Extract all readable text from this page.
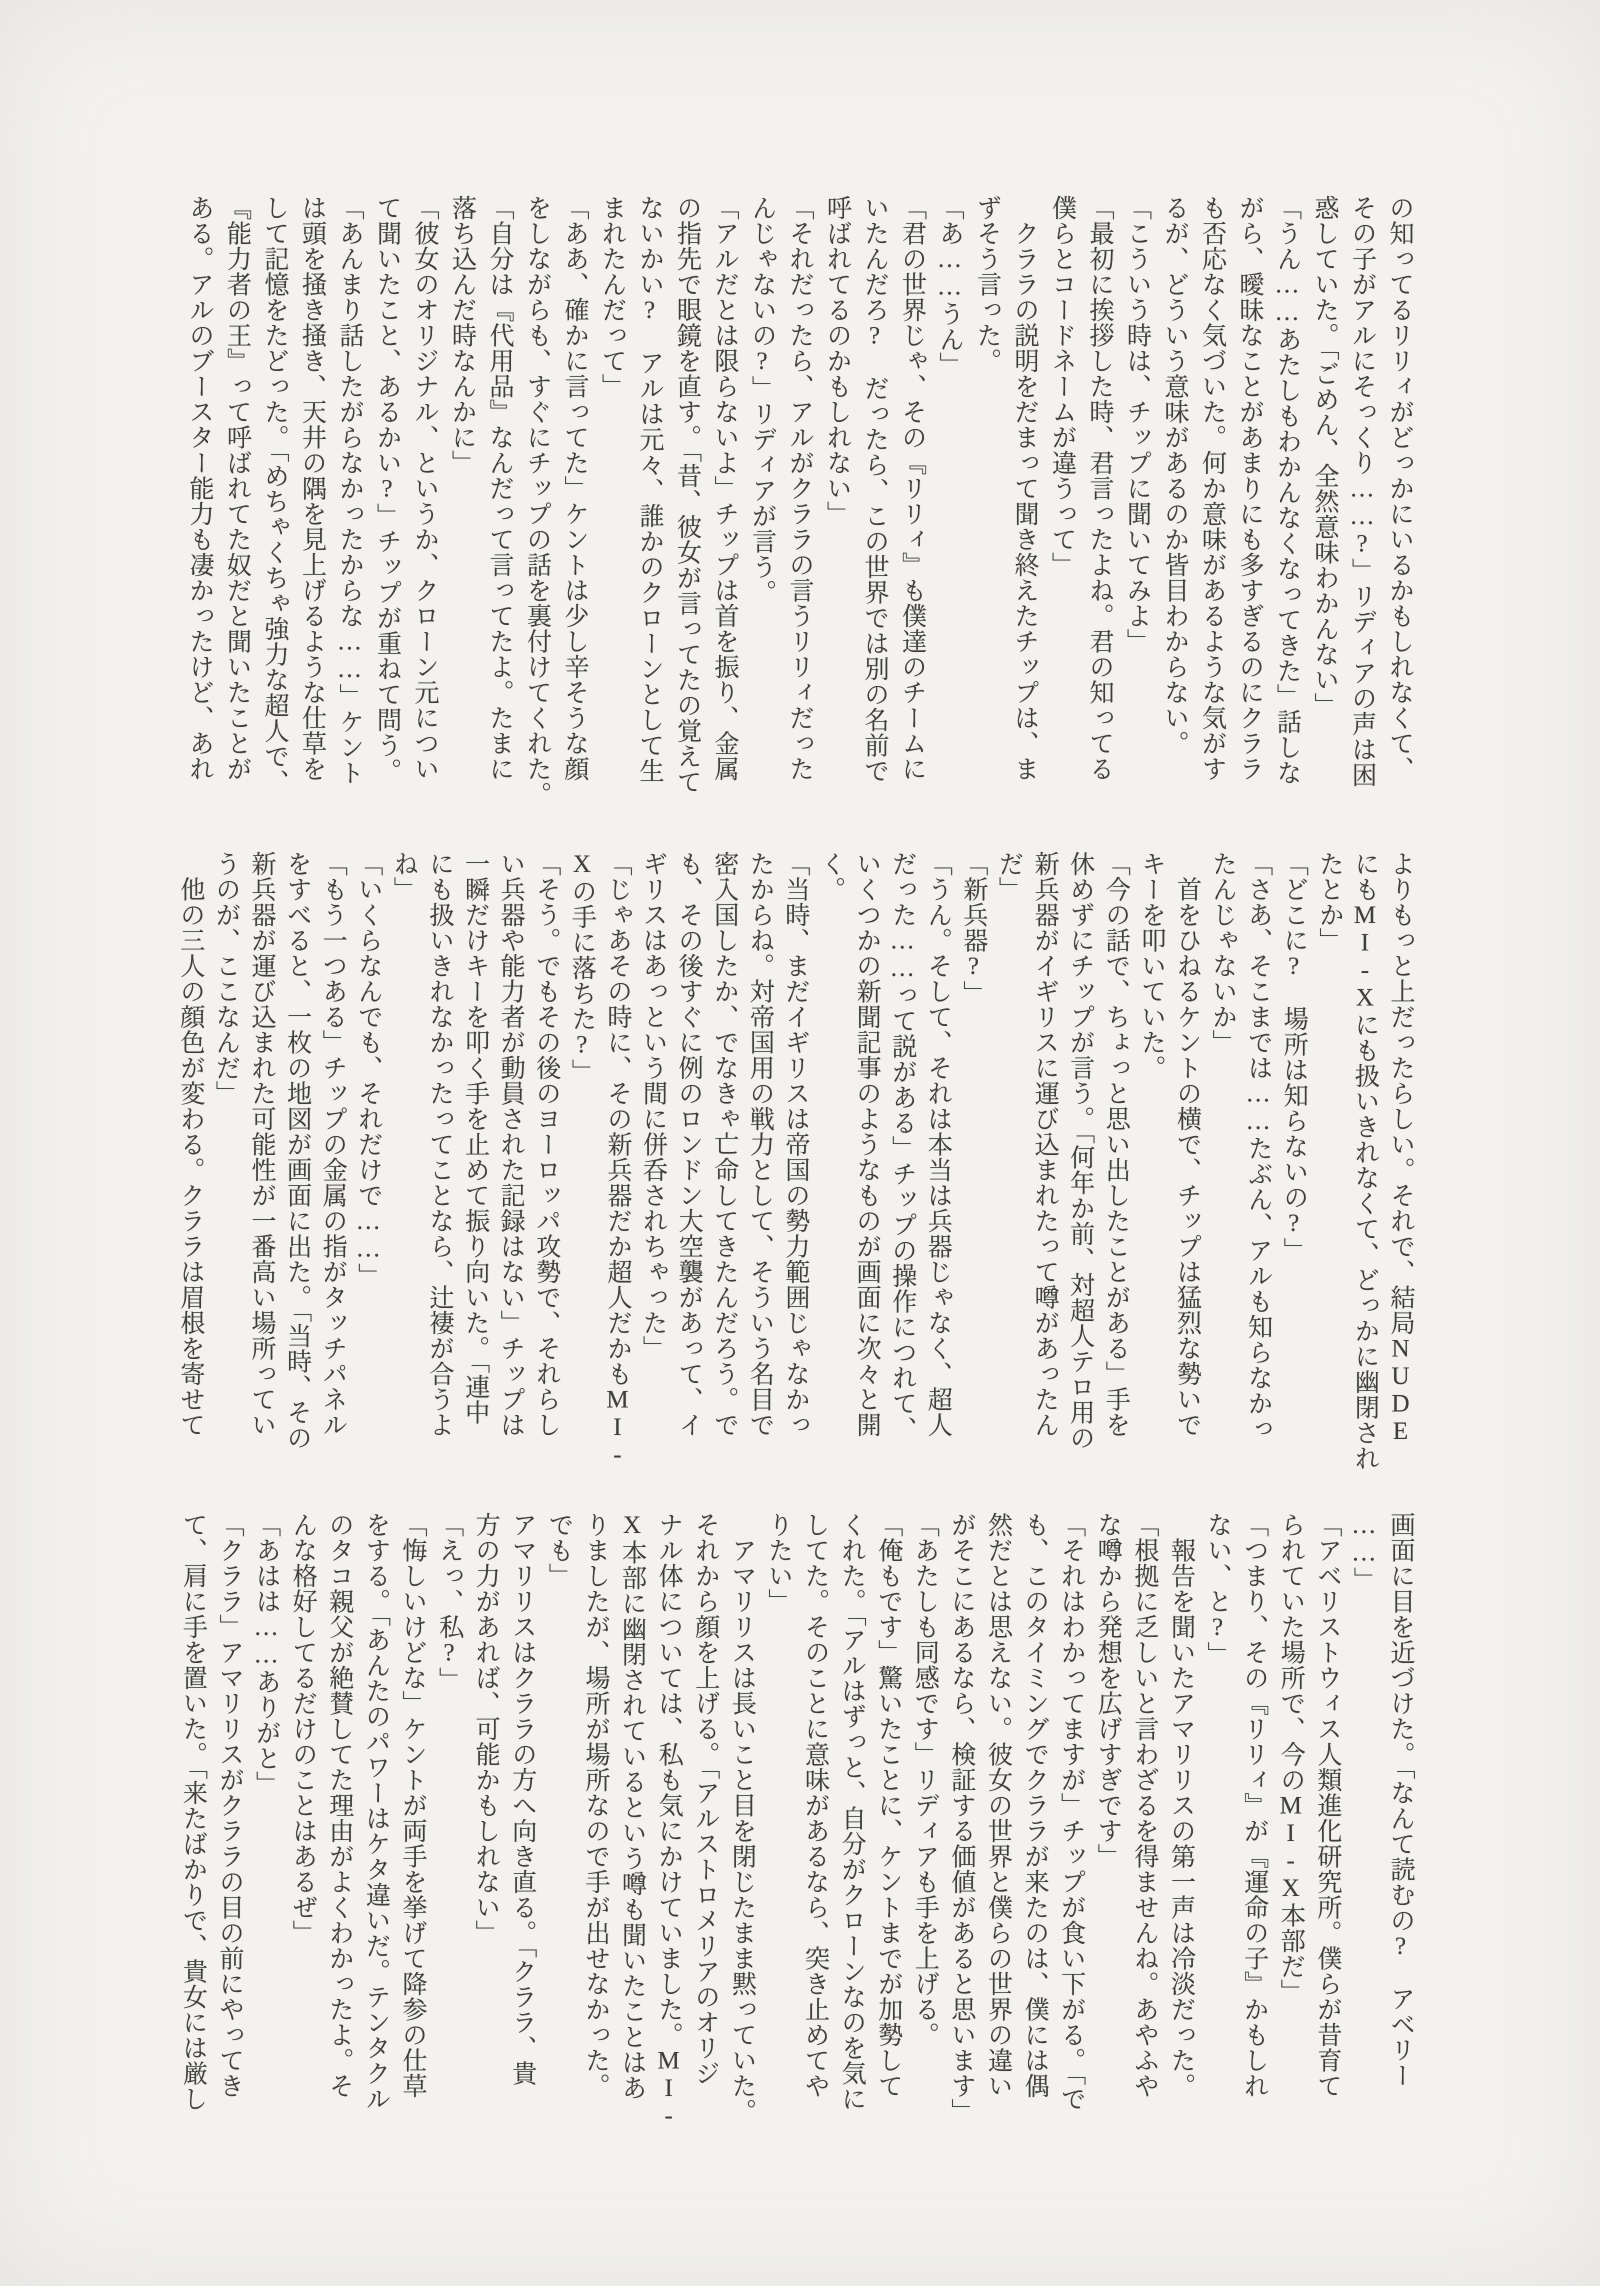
の知ってるリリィがどっかにいるかもしれなくて、

その子がアルにそっくり……?」リディアの声は困

惑していた。「ごめん、全然意味わかんない」

「うん……あたしもわかんなくなってきた」話しな

がら、曖昧なことがあまりにも多すぎるのにクララ

も否応なく気づいた。何か意味があるような気がす

るが、どういう意味があるのか皆目わからない。

「こういう時は、チップに聞いてみよ」

「最初に挨拶した時、君言ったよね。君の知ってる

僕らとコードネームが違うって」

　クララの説明をだまって聞き終えたチップは、ま

ずそう言った。

「あ……うん」

「君の世界じゃ、その『リリィ』も僕達のチームに

いたんだろ?　だったら、この世界では別の名前で

呼ばれてるのかもしれない」

「それだったら、アルがクララの言うリリィだった

んじゃないの?」リディアが言う。

「アルだとは限らないよ」チップは首を振り、金属

の指先で眼鏡を直す。「昔、彼女が言ってたの覚えて

ないかい?　アルは元々、誰かのクローンとして生

まれたんだって」

「ああ、確かに言ってた」ケントは少し辛そうな顔

をしながらも、すぐにチップの話を裏付けてくれた。

「自分は『代用品』なんだって言ってたよ。たまに

落ち込んだ時なんかに」

「彼女のオリジナル、というか、クローン元につい

て聞いたこと、あるかい?」チップが重ねて問う。

「あんまり話したがらなかったからな……」ケント

は頭を掻き掻き、天井の隅を見上げるような仕草を

して記憶をたどった。「めちゃくちゃ強力な超人で、

『能力者の王』って呼ばれてた奴だと聞いたことが

ある。アルのブースター能力も凄かったけど、あれ

よりもっと上だったらしい。それで、結局NUDE

にもMI-Xにも扱いきれなくて、どっかに幽閉され

たとか」

「どこに?　場所は知らないの?」

「さあ、そこまでは……たぶん、アルも知らなかっ

たんじゃないか」

　首をひねるケントの横で、チップは猛烈な勢いで

キーを叩いていた。

「今の話で、ちょっと思い出したことがある」手を

休めずにチップが言う。「何年か前、対超人テロ用の

新兵器がイギリスに運び込まれたって噂があったん

だ」

「新兵器?」

「うん。そして、それは本当は兵器じゃなく、超人

だった……って説がある」チップの操作につれて、

いくつかの新聞記事のようなものが画面に次々と開

く。

「当時、まだイギリスは帝国の勢力範囲じゃなかっ

たからね。対帝国用の戦力として、そういう名目で

密入国したか、でなきゃ亡命してきたんだろう。で

も、その後すぐに例のロンドン大空襲があって、イ

ギリスはあっという間に併呑されちゃった」

「じゃあその時に、その新兵器だか超人だかもMI-

Xの手に落ちた?」

「そう。でもその後のヨーロッパ攻勢で、それらし

い兵器や能力者が動員された記録はない」チップは

一瞬だけキーを叩く手を止めて振り向いた。「連中

にも扱いきれなかったってことなら、辻褄が合うよ

ね」

「いくらなんでも、それだけで……」

「もう一つある」チップの金属の指がタッチパネル

をすべると、一枚の地図が画面に出た。「当時、その

新兵器が運び込まれた可能性が一番高い場所ってい

うのが、ここなんだ」

　他の三人の顔色が変わる。クララは眉根を寄せて

画面に目を近づけた。「なんて読むの?　アベリー

……」

「アベリストウィス人類進化研究所。僕らが昔育て

られていた場所で、今のMI-X本部だ」

「つまり、その『リリィ』が『運命の子』かもしれ

ない、と?」

　報告を聞いたアマリリスの第一声は冷淡だった。

「根拠に乏しいと言わざるを得ませんね。あやふや

な噂から発想を広げすぎです」

「それはわかってますが」チップが食い下がる。「で

も、このタイミングでクララが来たのは、僕には偶

然だとは思えない。彼女の世界と僕らの世界の違い

がそこにあるなら、検証する価値があると思います」

「あたしも同感です」リディアも手を上げる。

「俺もです」驚いたことに、ケントまでが加勢して

くれた。「アルはずっと、自分がクローンなのを気に

してた。そのことに意味があるなら、突き止めてや

りたい」

　アマリリスは長いこと目を閉じたまま黙っていた。

それから顔を上げる。「アルストロメリアのオリジ

ナル体については、私も気にかけていました。MI-

X本部に幽閉されているという噂も聞いたことはあ

りましたが、場所が場所なので手が出せなかった。

でも」

アマリリスはクララの方へ向き直る。「クララ、貴

方の力があれば、可能かもしれない」

「えっ、私?」

「悔しいけどな」ケントが両手を挙げて降参の仕草

をする。「あんたのパワーはケタ違いだ。テンタクル

のタコ親父が絶賛してた理由がよくわかったよ。そ

んな格好してるだけのことはあるぜ」

「あはは……ありがと」

「クララ」アマリリスがクララの目の前にやってき

て、肩に手を置いた。「来たばかりで、貴女には厳し
